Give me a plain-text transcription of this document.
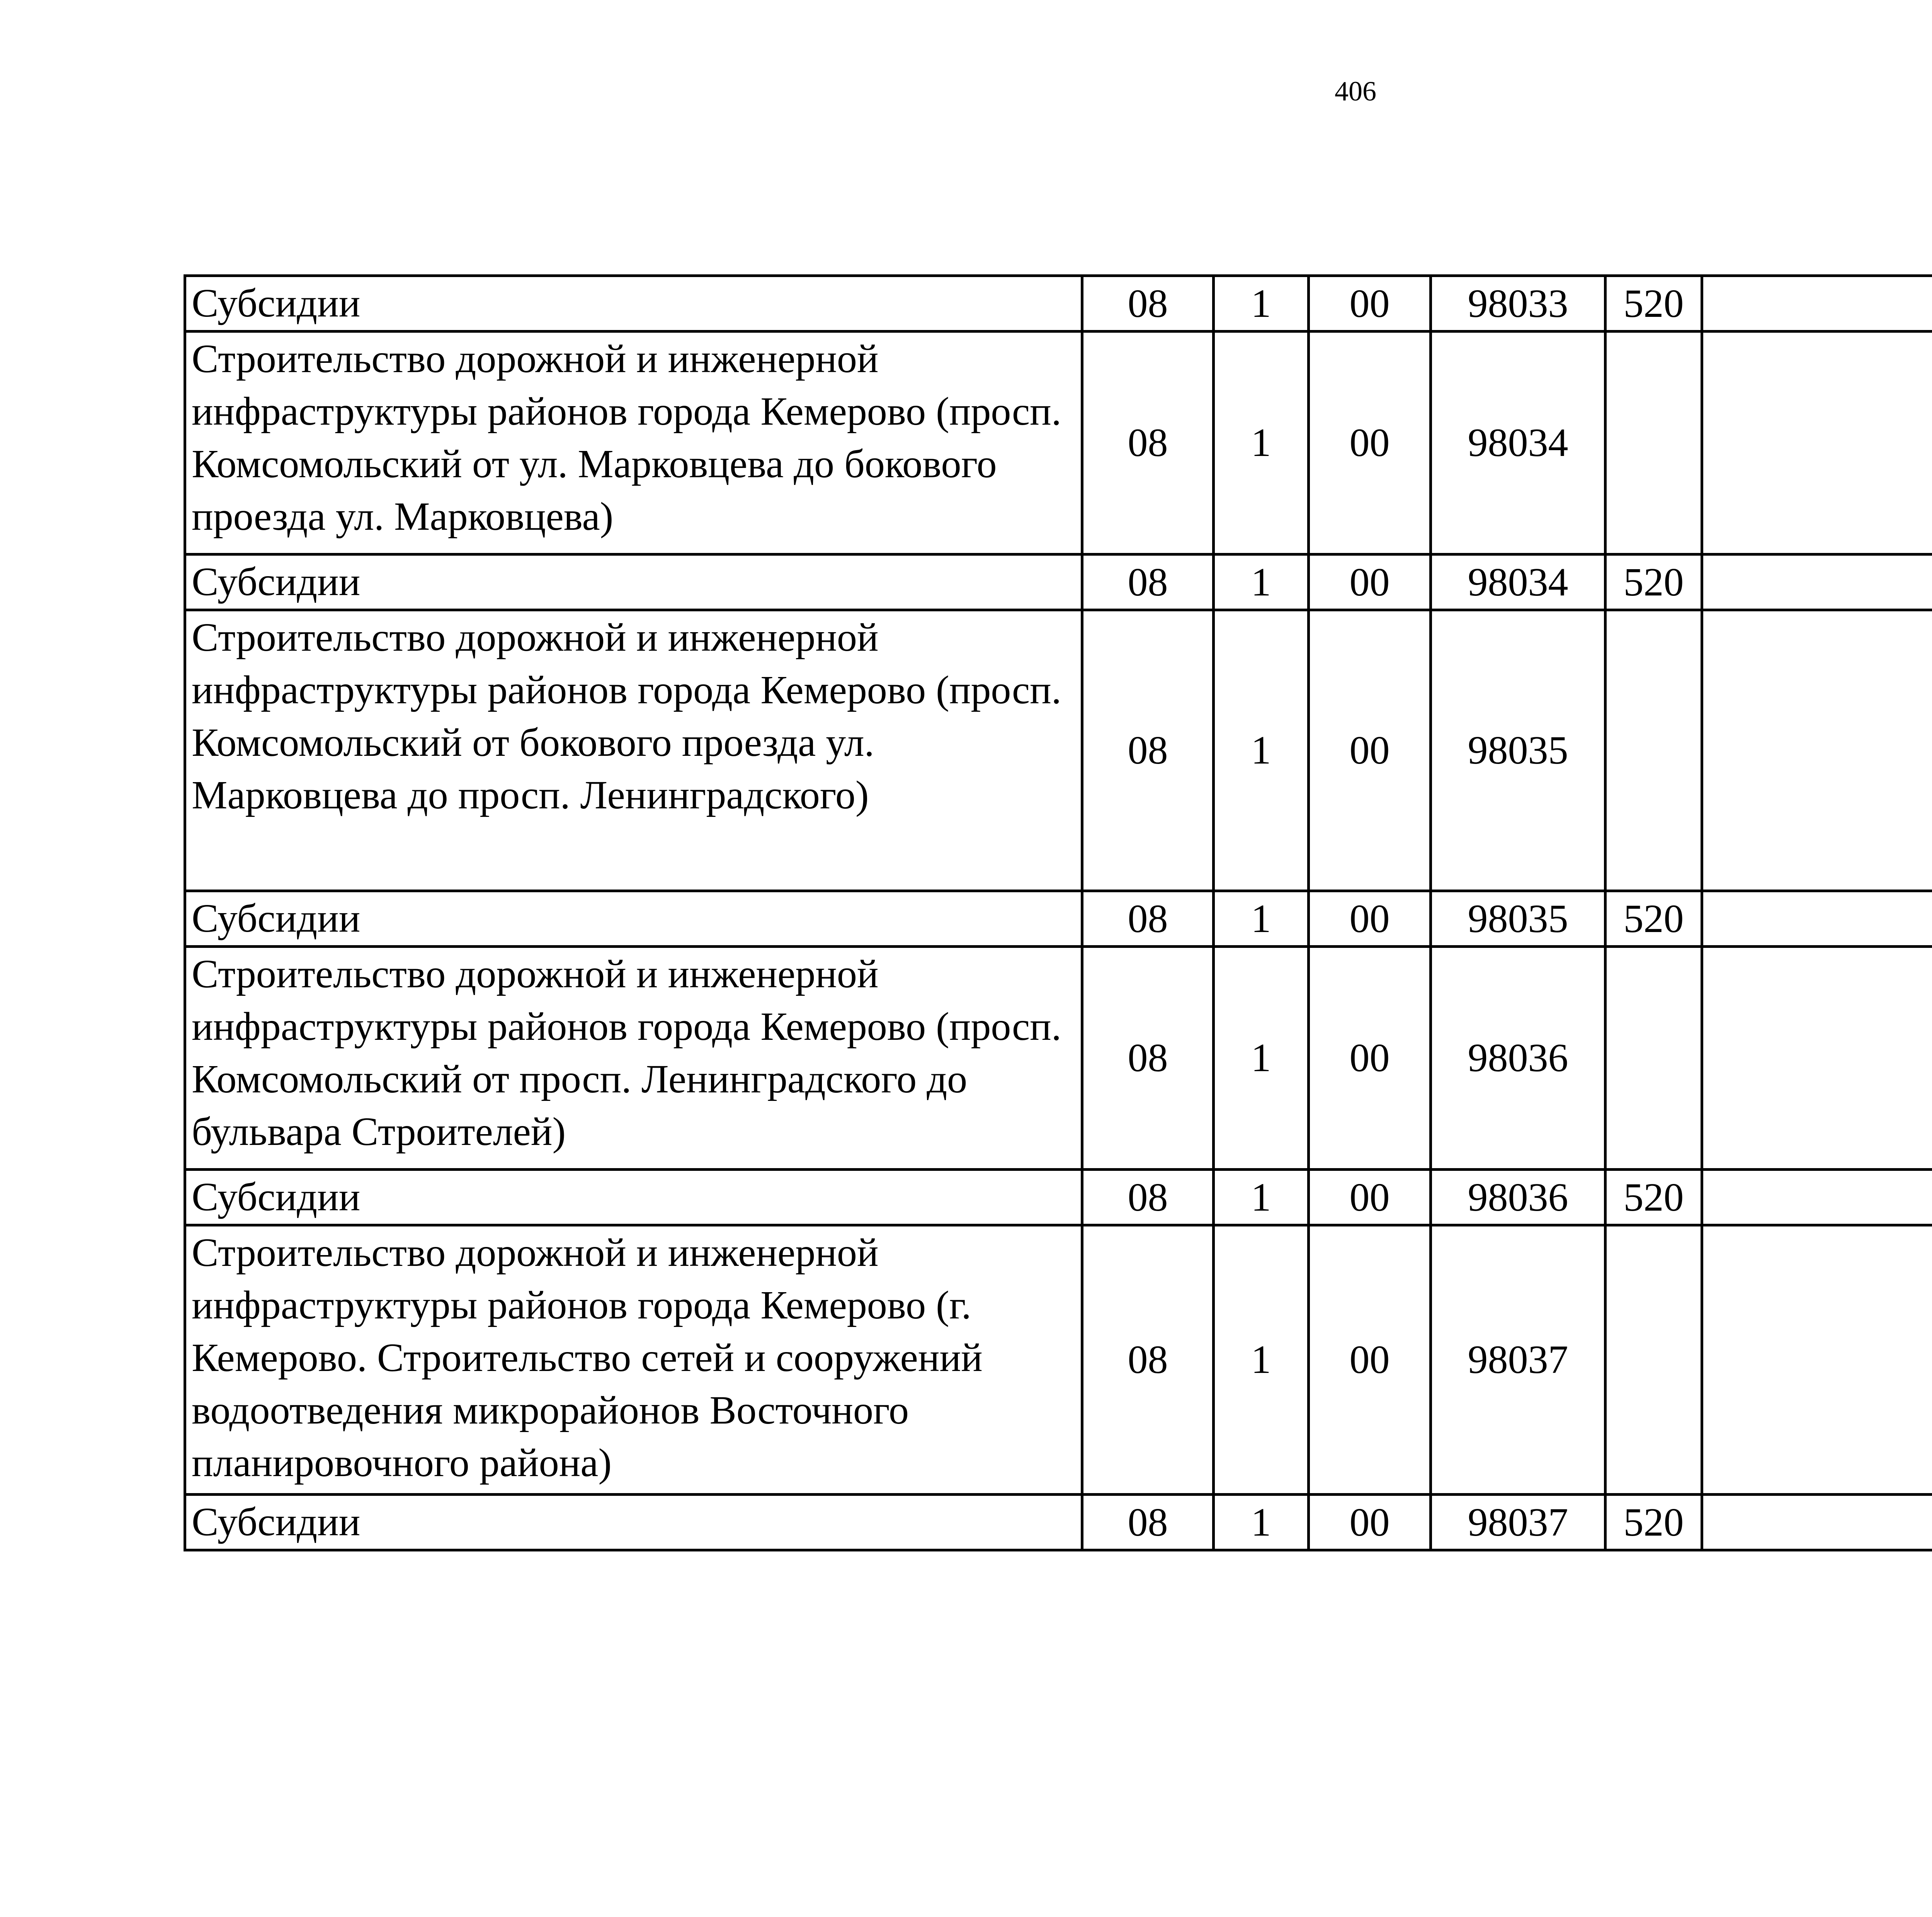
406
Субсидии	08	1	00	98033	520			
Строительство дорожной и инженерной инфраструктуры районов города Кемерово (просп. Комсомольский от ул. Марковцева до бокового проезда ул. Марковцева)	08	1	00	98034				
Субсидии	08	1	00	98034	520			
Строительство дорожной и инженерной инфраструктуры районов города Кемерово (просп. Комсомольский от бокового проезда ул. Марковцева до просп. Ленинградского)	08	1	00	98035				
Субсидии	08	1	00	98035	520			
Строительство дорожной и инженерной инфраструктуры районов города Кемерово (просп. Комсомольский от просп. Ленинградского до бульвара Строителей)	08	1	00	98036				
Субсидии	08	1	00	98036	520			
Строительство дорожной и инженерной инфраструктуры районов города Кемерово (г. Кемерово. Строительство сетей и сооружений водоотведения микрорайонов Восточного планировочного района)	08	1	00	98037				
Субсидии	08	1	00	98037	520			
